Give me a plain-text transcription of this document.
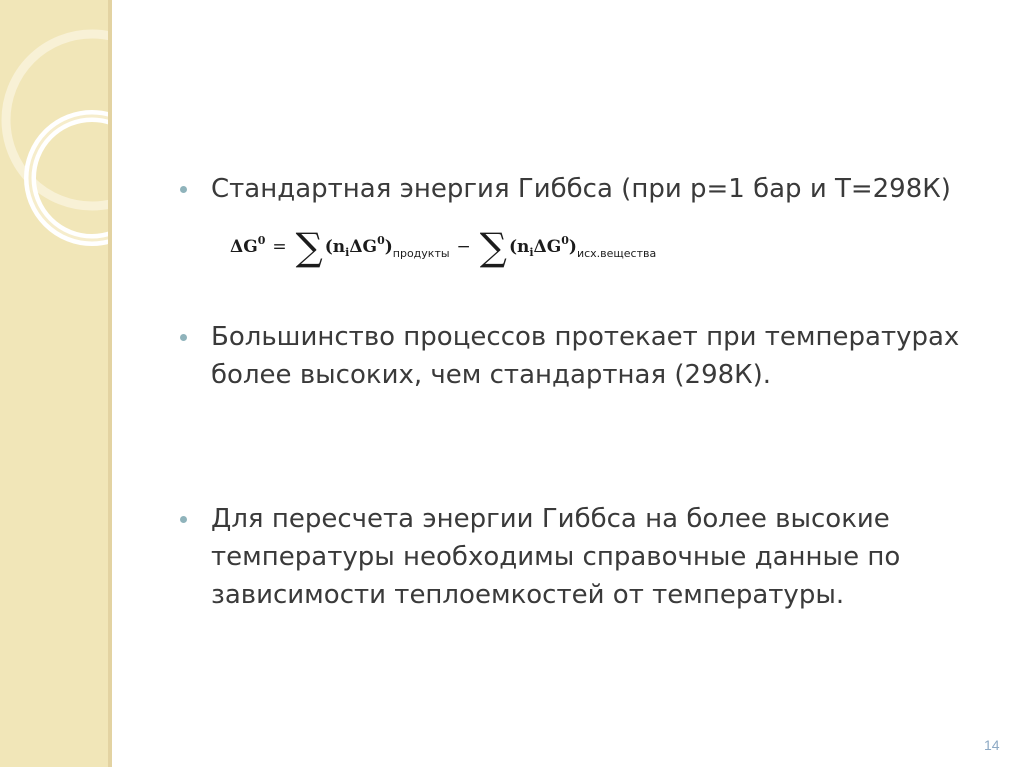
Стандартная энергия Гиббса (при р=1 бар и Т=298К)
ΔG 0 = ∑ (n i ΔG 0 ) продукты − ∑ (n i ΔG 0 ) исх.вещества
Большинство процессов протекает при температурах более высоких, чем стандартная (298К).
Для пересчета энергии Гиббса на более высокие температуры необходимы справочные данные по зависимости теплоемкостей от температуры.
14
